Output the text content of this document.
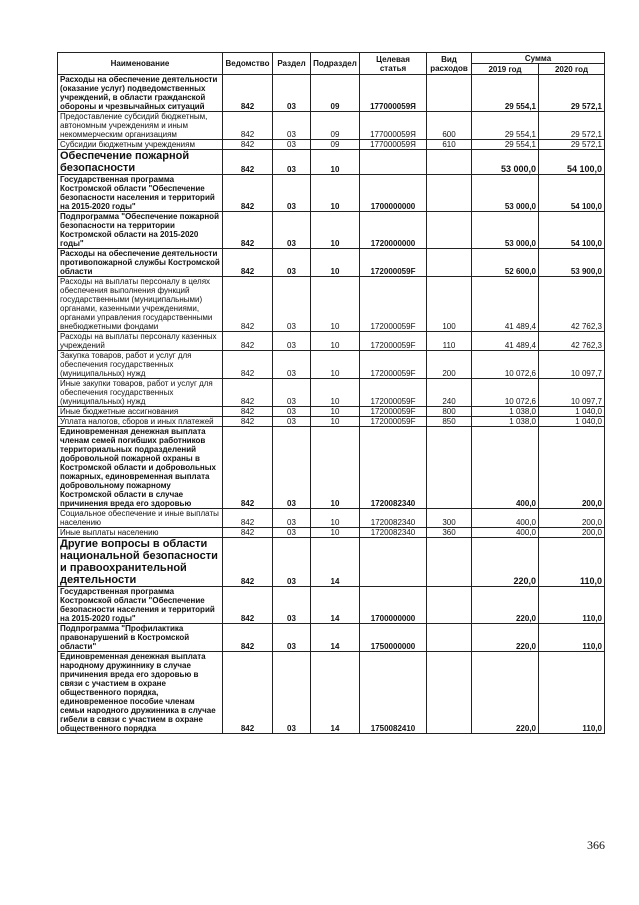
Наименование	Ведомство	Раздел	Подраздел	Целевая статья	Вид расходов	Сумма	
						2019 год	2020 год
Расходы на обеспечение деятельности (оказание услуг) подведомственных учреждений, в области гражданской обороны и чрезвычайных ситуаций	842	03	09	177000059Я		29 554,1	29 572,1
Предоставление субсидий бюджетным, автономным учреждениям и иным некоммерческим организациям	842	03	09	177000059Я	600	29 554,1	29 572,1
Субсидии бюджетным учреждениям	842	03	09	177000059Я	610	29 554,1	29 572,1
Обеспечение пожарной безопасности	842	03	10			53 000,0	54 100,0
Государственная программа Костромской области "Обеспечение безопасности населения и территорий на 2015-2020 годы"	842	03	10	1700000000		53 000,0	54 100,0
Подпрограмма "Обеспечение пожарной безопасности на территории Костромской области на 2015-2020 годы"	842	03	10	1720000000		53 000,0	54 100,0
Расходы на обеспечение деятельности противопожарной службы Костромской области	842	03	10	172000059F		52 600,0	53 900,0
Расходы на выплаты персоналу в целях обеспечения выполнения функций государственными (муниципальными) органами, казенными учреждениями, органами управления государственными внебюджетными фондами	842	03	10	172000059F	100	41 489,4	42 762,3
Расходы на выплаты персоналу казенных учреждений	842	03	10	172000059F	110	41 489,4	42 762,3
Закупка товаров, работ и услуг для обеспечения государственных (муниципальных) нужд	842	03	10	172000059F	200	10 072,6	10 097,7
Иные закупки товаров, работ и услуг для обеспечения государственных (муниципальных) нужд	842	03	10	172000059F	240	10 072,6	10 097,7
Иные бюджетные ассигнования	842	03	10	172000059F	800	1 038,0	1 040,0
Уплата налогов, сборов и иных платежей	842	03	10	172000059F	850	1 038,0	1 040,0
Единовременная денежная выплата членам семей погибших работников территориальных подразделений добровольной пожарной охраны в Костромской области и добровольных пожарных, единовременная выплата добровольному пожарному Костромской области в случае причинения вреда его здоровью	842	03	10	1720082340		400,0	200,0
Социальное обеспечение и иные выплаты населению	842	03	10	1720082340	300	400,0	200,0
Иные выплаты населению	842	03	10	1720082340	360	400,0	200,0
Другие вопросы в области национальной безопасности и правоохранительной деятельности	842	03	14			220,0	110,0
Государственная программа Костромской области "Обеспечение безопасности населения и территорий на 2015-2020 годы"	842	03	14	1700000000		220,0	110,0
Подпрограмма "Профилактика правонарушений в Костромской области"	842	03	14	1750000000		220,0	110,0
Единовременная денежная выплата народному дружиннику в случае причинения вреда его здоровью в связи с участием в охране общественного порядка, единовременное пособие членам семьи народного дружинника в случае гибели в связи с участием в охране общественного порядка	842	03	14	1750082410		220,0	110,0
366
